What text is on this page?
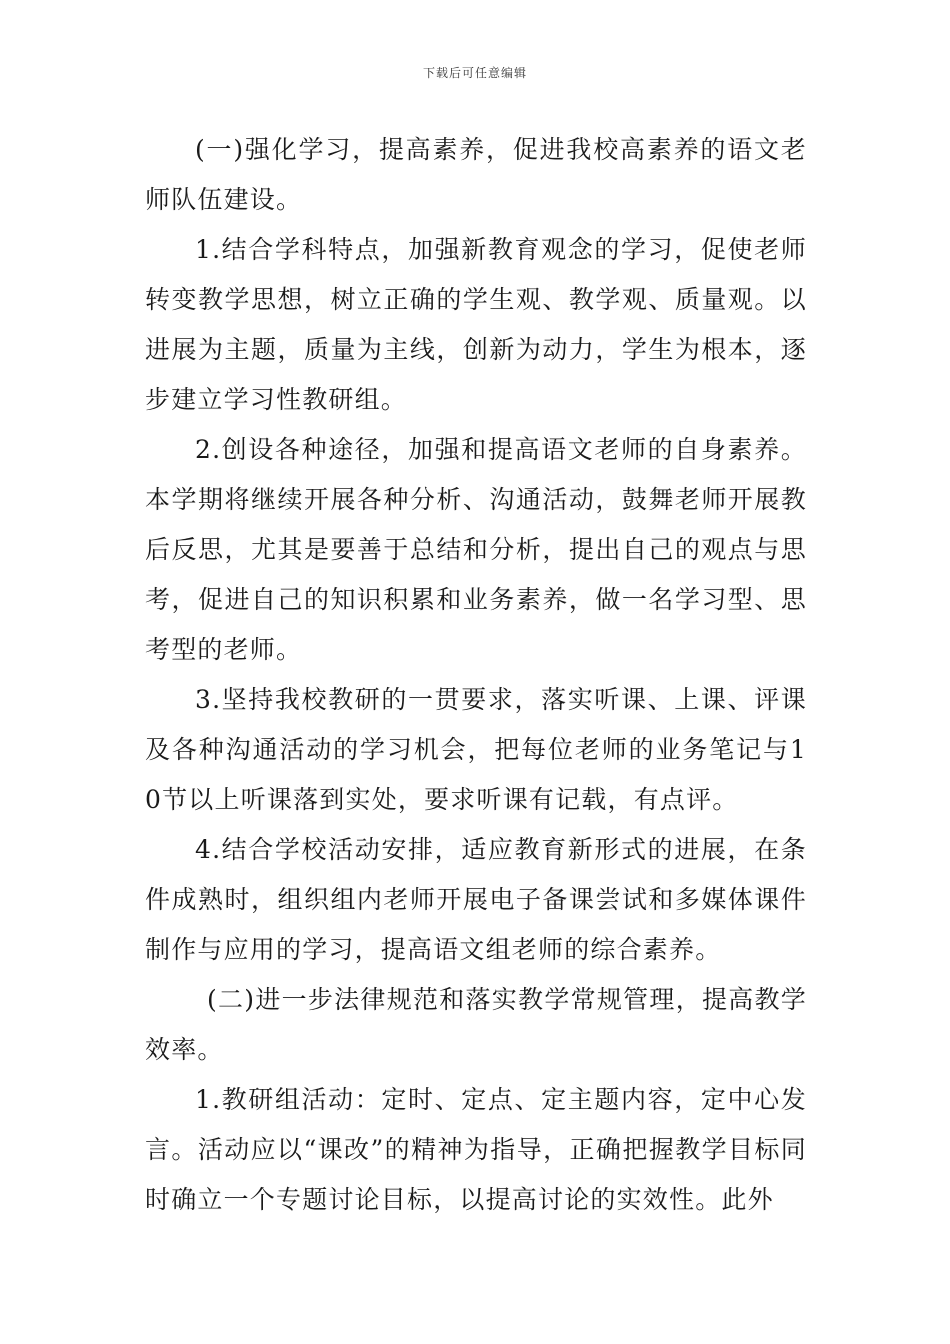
下载后可任意编辑

(一)强化学习，提高素养，促进我校高素养的语文老师队伍建设。

1.结合学科特点，加强新教育观念的学习，促使老师转变教学思想，树立正确的学生观、教学观、质量观。以进展为主题，质量为主线，创新为动力，学生为根本，逐步建立学习性教研组。

2.创设各种途径，加强和提高语文老师的自身素养。本学期将继续开展各种分析、沟通活动，鼓舞老师开展教后反思，尤其是要善于总结和分析，提出自己的观点与思考，促进自己的知识积累和业务素养，做一名学习型、思考型的老师。

3.坚持我校教研的一贯要求，落实听课、上课、评课及各种沟通活动的学习机会，把每位老师的业务笔记与10节以上听课落到实处，要求听课有记载，有点评。

4.结合学校活动安排，适应教育新形式的进展，在条件成熟时，组织组内老师开展电子备课尝试和多媒体课件制作与应用的学习，提高语文组老师的综合素养。

(二)进一步法律规范和落实教学常规管理，提高教学效率。

1.教研组活动：定时、定点、定主题内容，定中心发言。活动应以“课改”的精神为指导，正确把握教学目标同时确立一个专题讨论目标，以提高讨论的实效性。此外
